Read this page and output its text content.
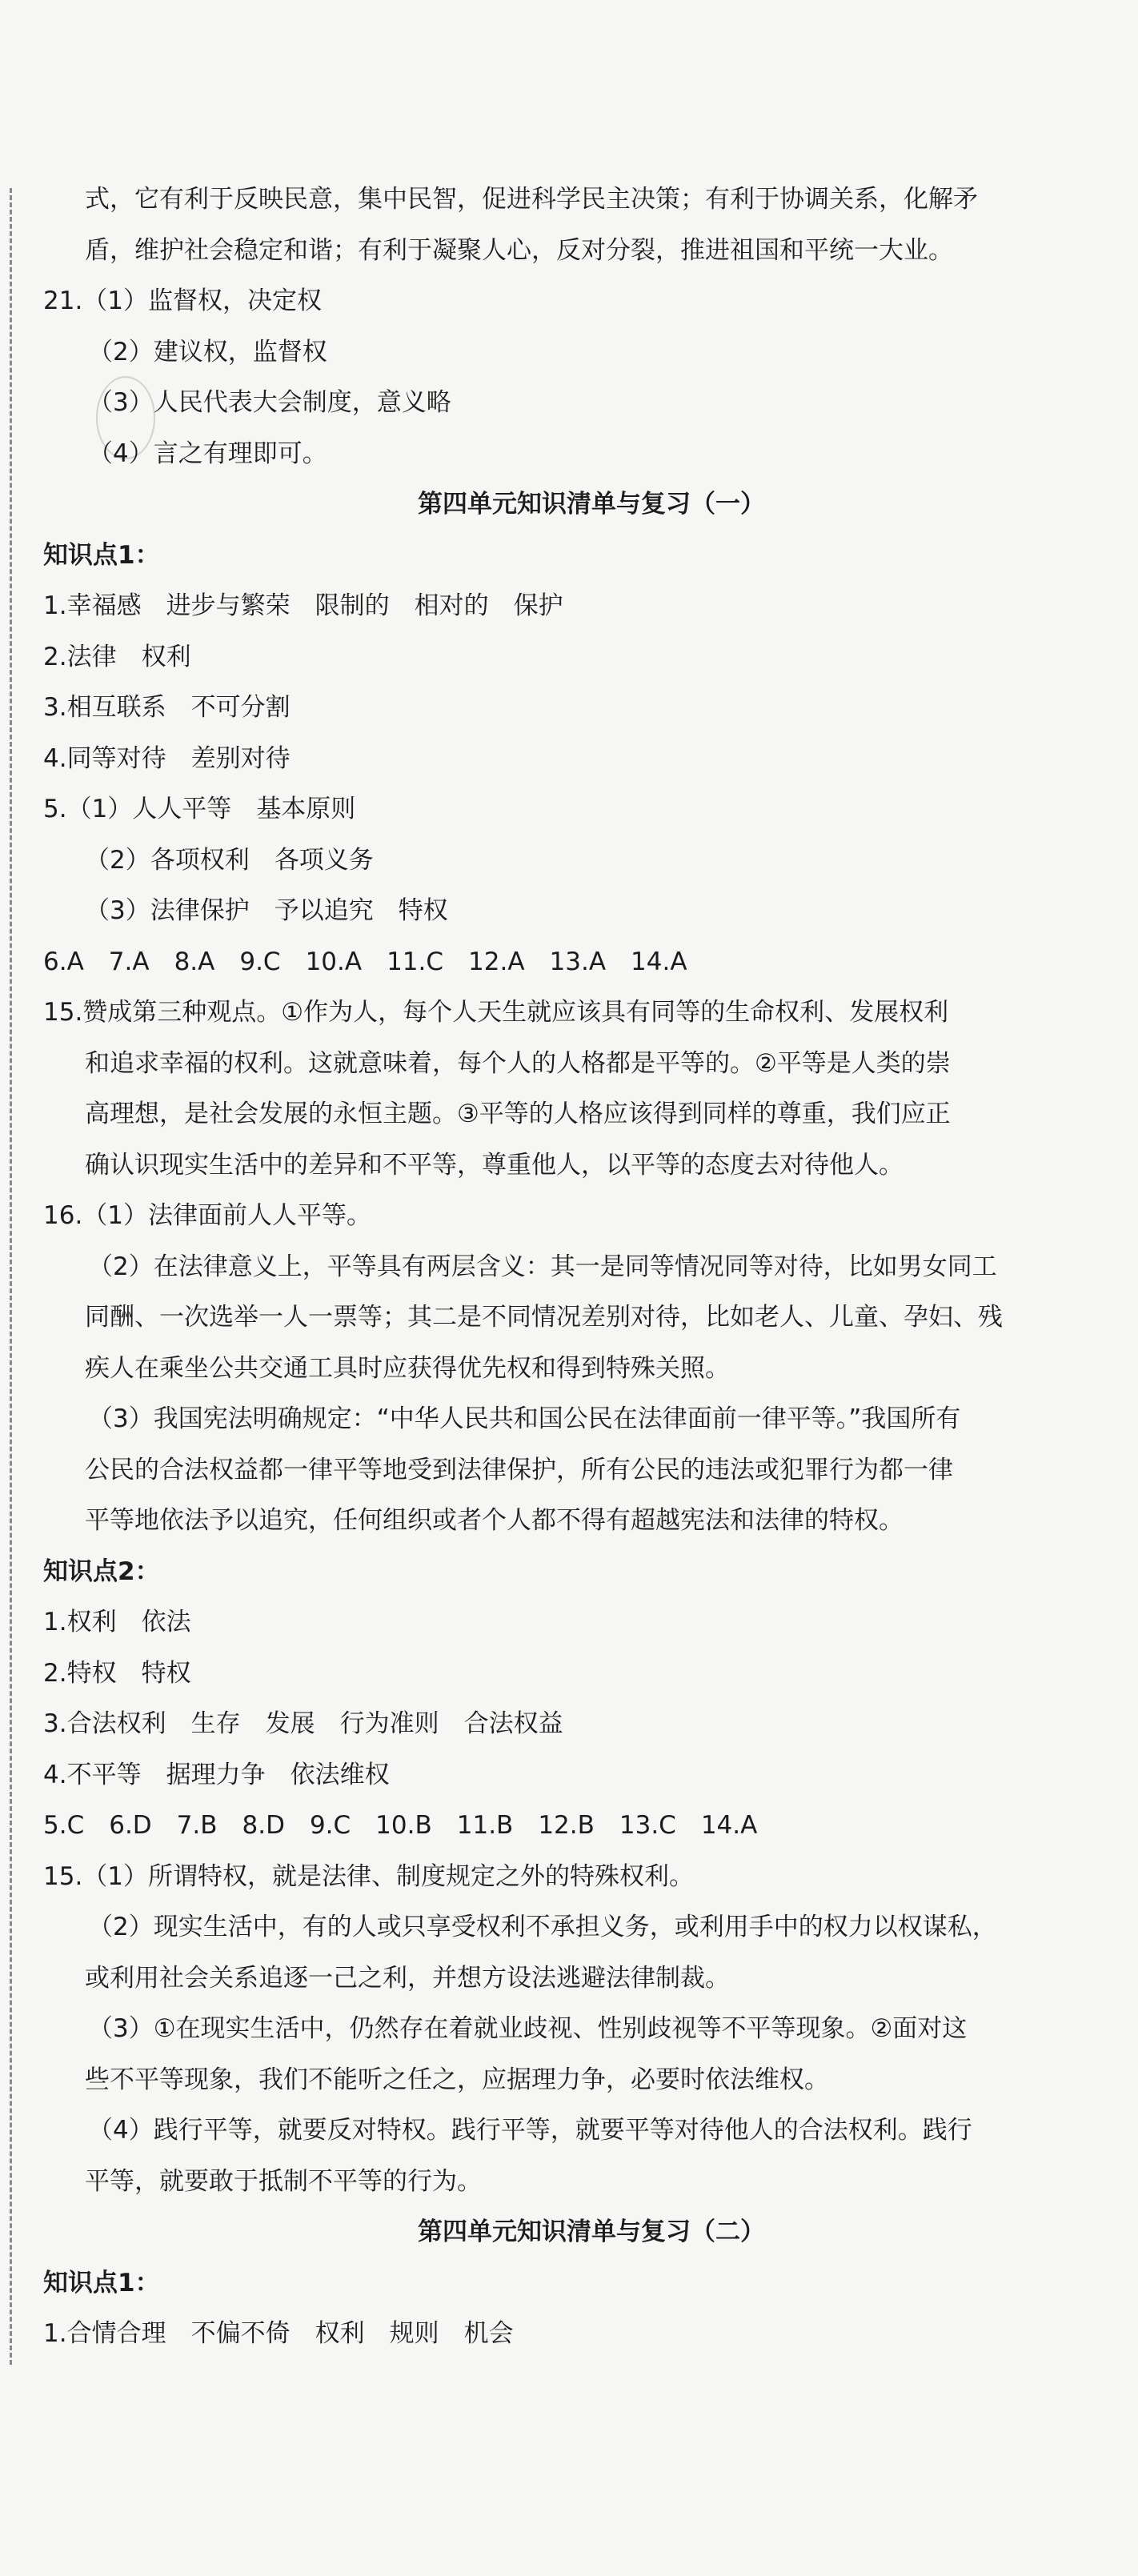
式，它有利于反映民意，集中民智，促进科学民主决策；有利于协调关系，化解矛
盾，维护社会稳定和谐；有利于凝聚人心，反对分裂，推进祖国和平统一大业。
21.（1）监督权，决定权
（2）建议权，监督权
（3）人民代表大会制度，意义略
（4）言之有理即可。
第四单元知识清单与复习（一）
知识点1：
1.幸福感　进步与繁荣　限制的　相对的　保护
2.法律　权利
3.相互联系　不可分割
4.同等对待　差别对待
5.（1）人人平等　基本原则
（2）各项权利　各项义务
（3）法律保护　予以追究　特权
6.A　7.A　8.A　9.C　10.A　11.C　12.A　13.A　14.A
15.赞成第三种观点。①作为人，每个人天生就应该具有同等的生命权利、发展权利
和追求幸福的权利。这就意味着，每个人的人格都是平等的。②平等是人类的崇
高理想，是社会发展的永恒主题。③平等的人格应该得到同样的尊重，我们应正
确认识现实生活中的差异和不平等，尊重他人，以平等的态度去对待他人。
16.（1）法律面前人人平等。
（2）在法律意义上，平等具有两层含义：其一是同等情况同等对待，比如男女同工
同酬、一次选举一人一票等；其二是不同情况差别对待，比如老人、儿童、孕妇、残
疾人在乘坐公共交通工具时应获得优先权和得到特殊关照。
（3）我国宪法明确规定：“中华人民共和国公民在法律面前一律平等。”我国所有
公民的合法权益都一律平等地受到法律保护，所有公民的违法或犯罪行为都一律
平等地依法予以追究，任何组织或者个人都不得有超越宪法和法律的特权。
知识点2：
1.权利　依法
2.特权　特权
3.合法权利　生存　发展　行为准则　合法权益
4.不平等　据理力争　依法维权
5.C　6.D　7.B　8.D　9.C　10.B　11.B　12.B　13.C　14.A
15.（1）所谓特权，就是法律、制度规定之外的特殊权利。
（2）现实生活中，有的人或只享受权利不承担义务，或利用手中的权力以权谋私，
或利用社会关系追逐一己之利，并想方设法逃避法律制裁。
（3）①在现实生活中，仍然存在着就业歧视、性别歧视等不平等现象。②面对这
些不平等现象，我们不能听之任之，应据理力争，必要时依法维权。
（4）践行平等，就要反对特权。践行平等，就要平等对待他人的合法权利。践行
平等，就要敢于抵制不平等的行为。
第四单元知识清单与复习（二）
知识点1：
1.合情合理　不偏不倚　权利　规则　机会
